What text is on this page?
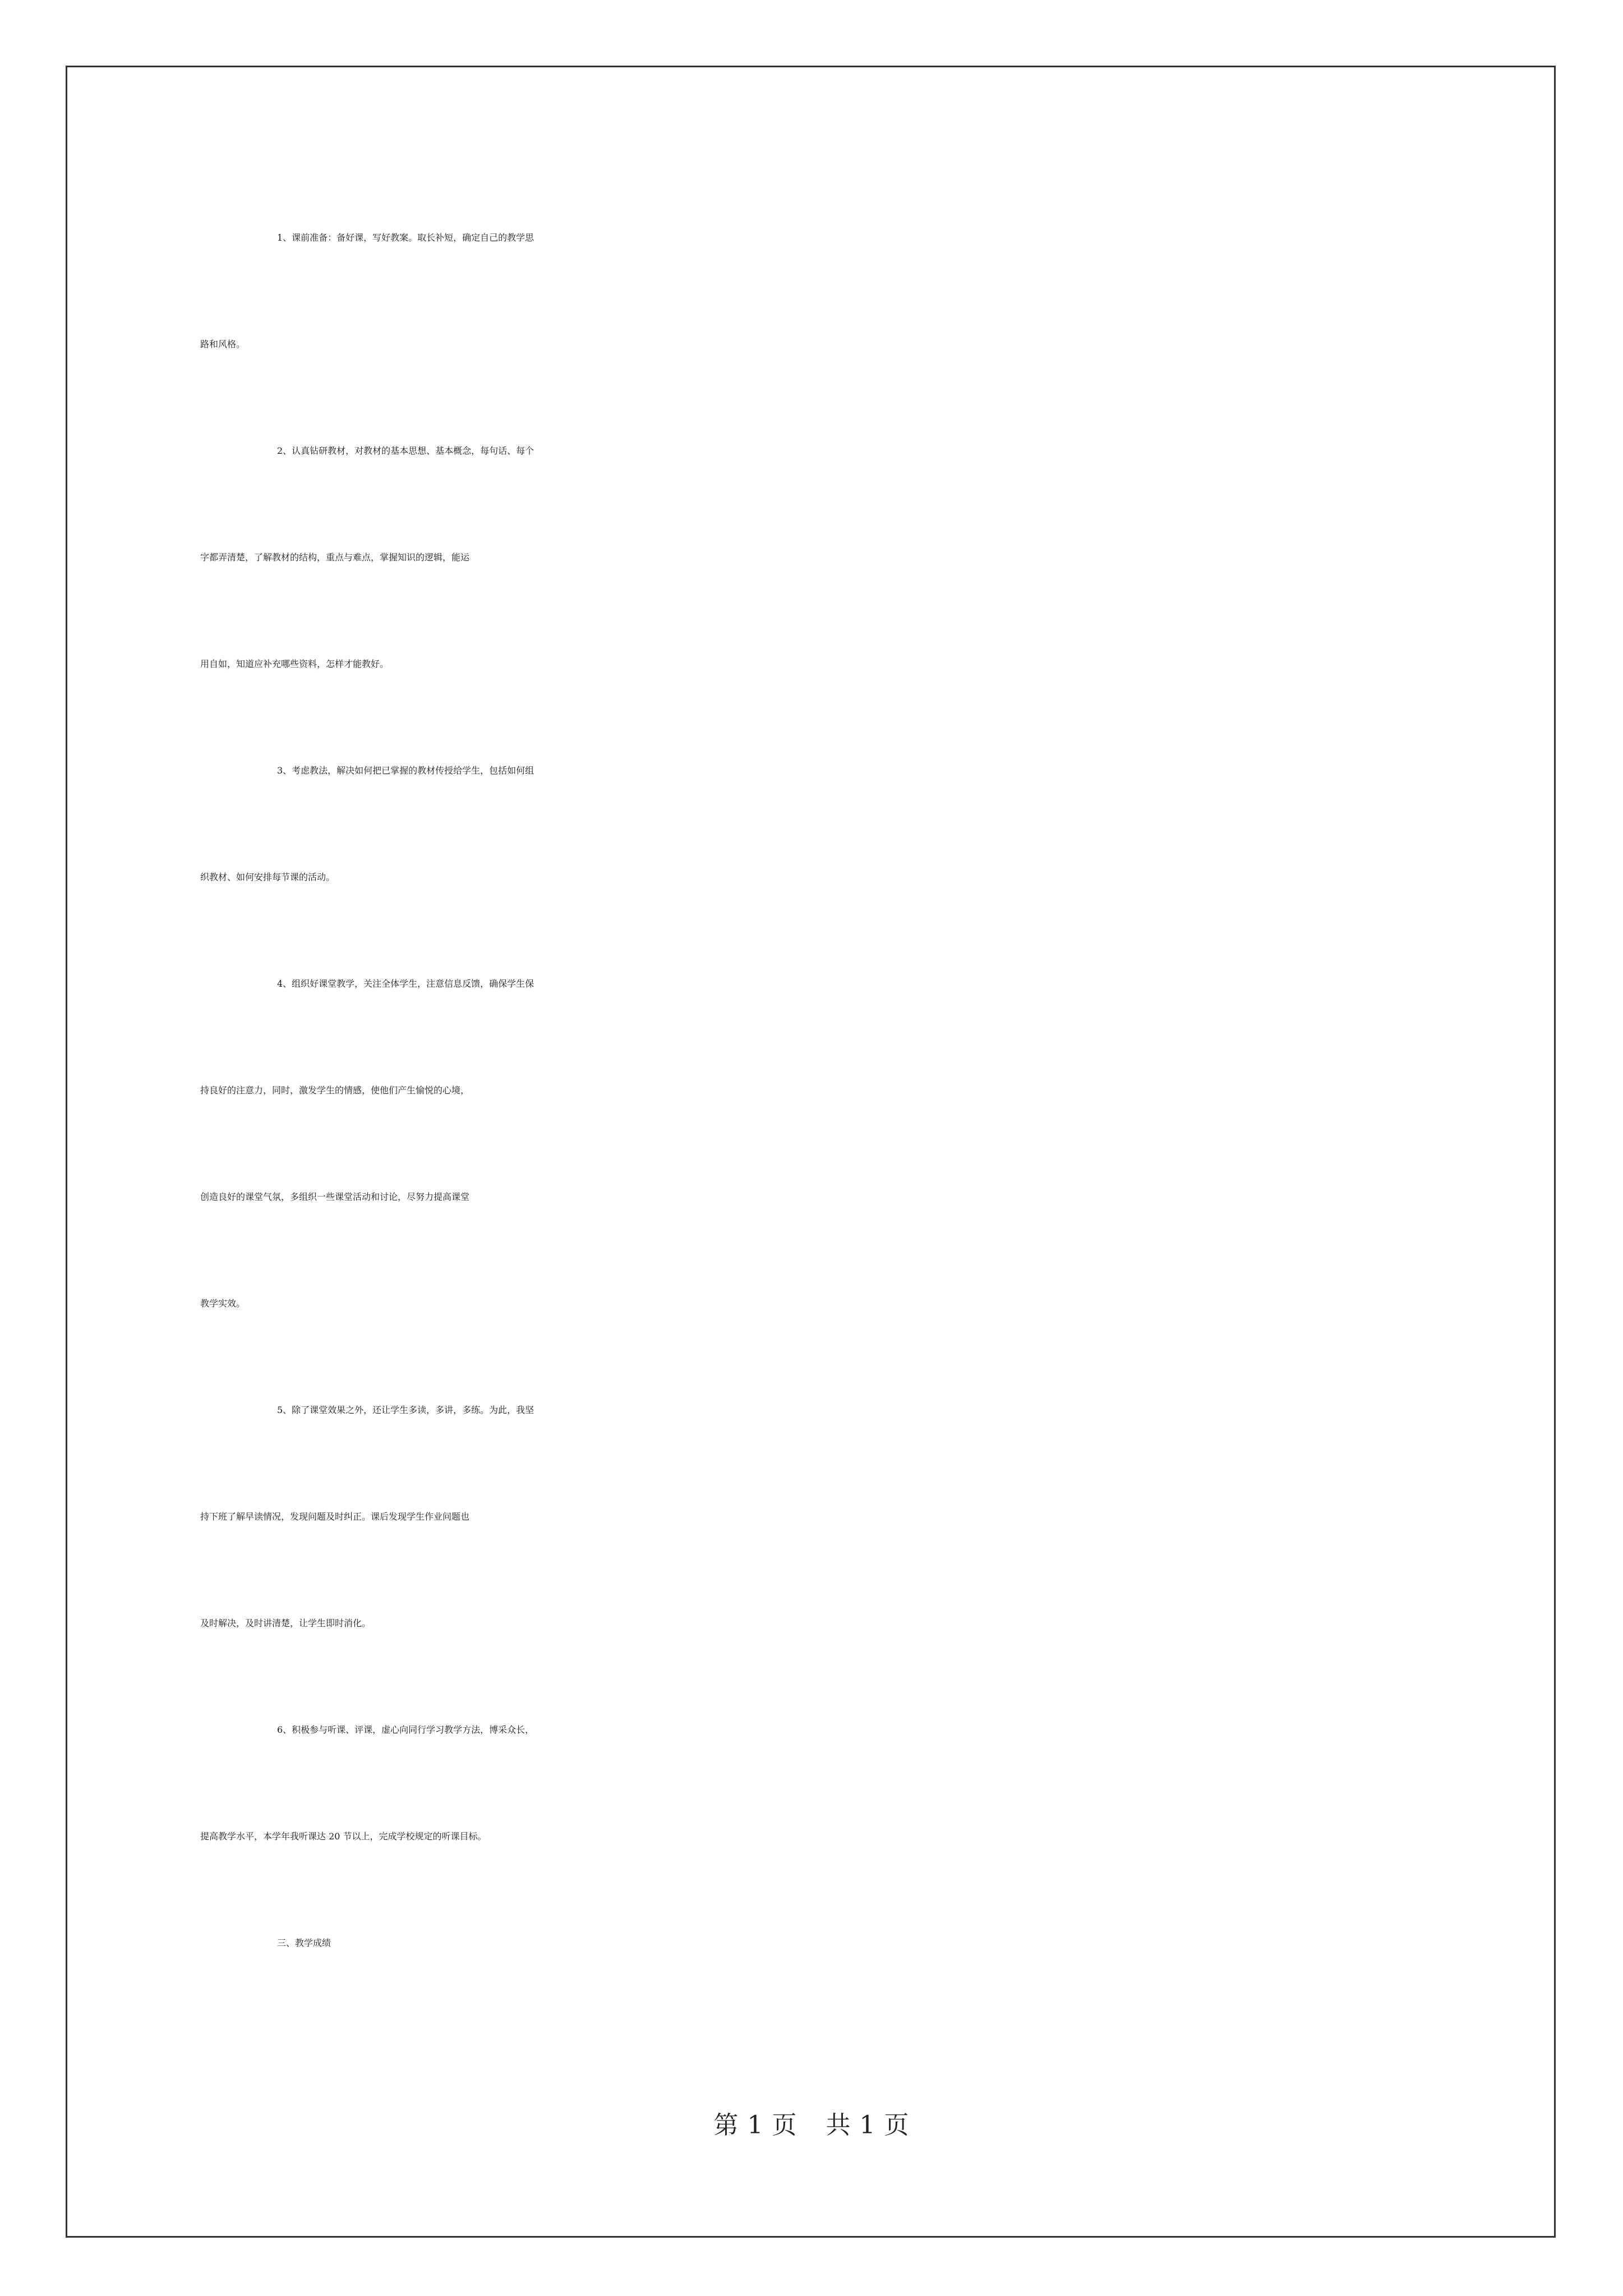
1、课前准备：备好课，写好教案。取长补短，确定自己的教学思
路和风格。
2、认真钻研教材，对教材的基本思想、基本概念，每句话、每个
字都弄清楚，了解教材的结构，重点与难点，掌握知识的逻辑，能运
用自如，知道应补充哪些资料，怎样才能教好。
3、考虑教法，解决如何把已掌握的教材传授给学生，包括如何组
织教材、如何安排每节课的活动。
4、组织好课堂教学，关注全体学生，注意信息反馈，确保学生保
持良好的注意力，同时，激发学生的情感，使他们产生愉悦的心境，
创造良好的课堂气氛，多组织一些课堂活动和讨论，尽努力提高课堂
教学实效。
5、除了课堂效果之外，还让学生多读，多讲，多练。为此，我坚
持下班了解早读情况，发现问题及时纠正。课后发现学生作业问题也
及时解决，及时讲清楚，让学生即时消化。
6、积极参与听课、评课，虚心向同行学习教学方法，博采众长，
提高教学水平，本学年我听课达 20 节以上，完成学校规定的听课目标。
三、教学成绩
第 1 页 共 1 页
